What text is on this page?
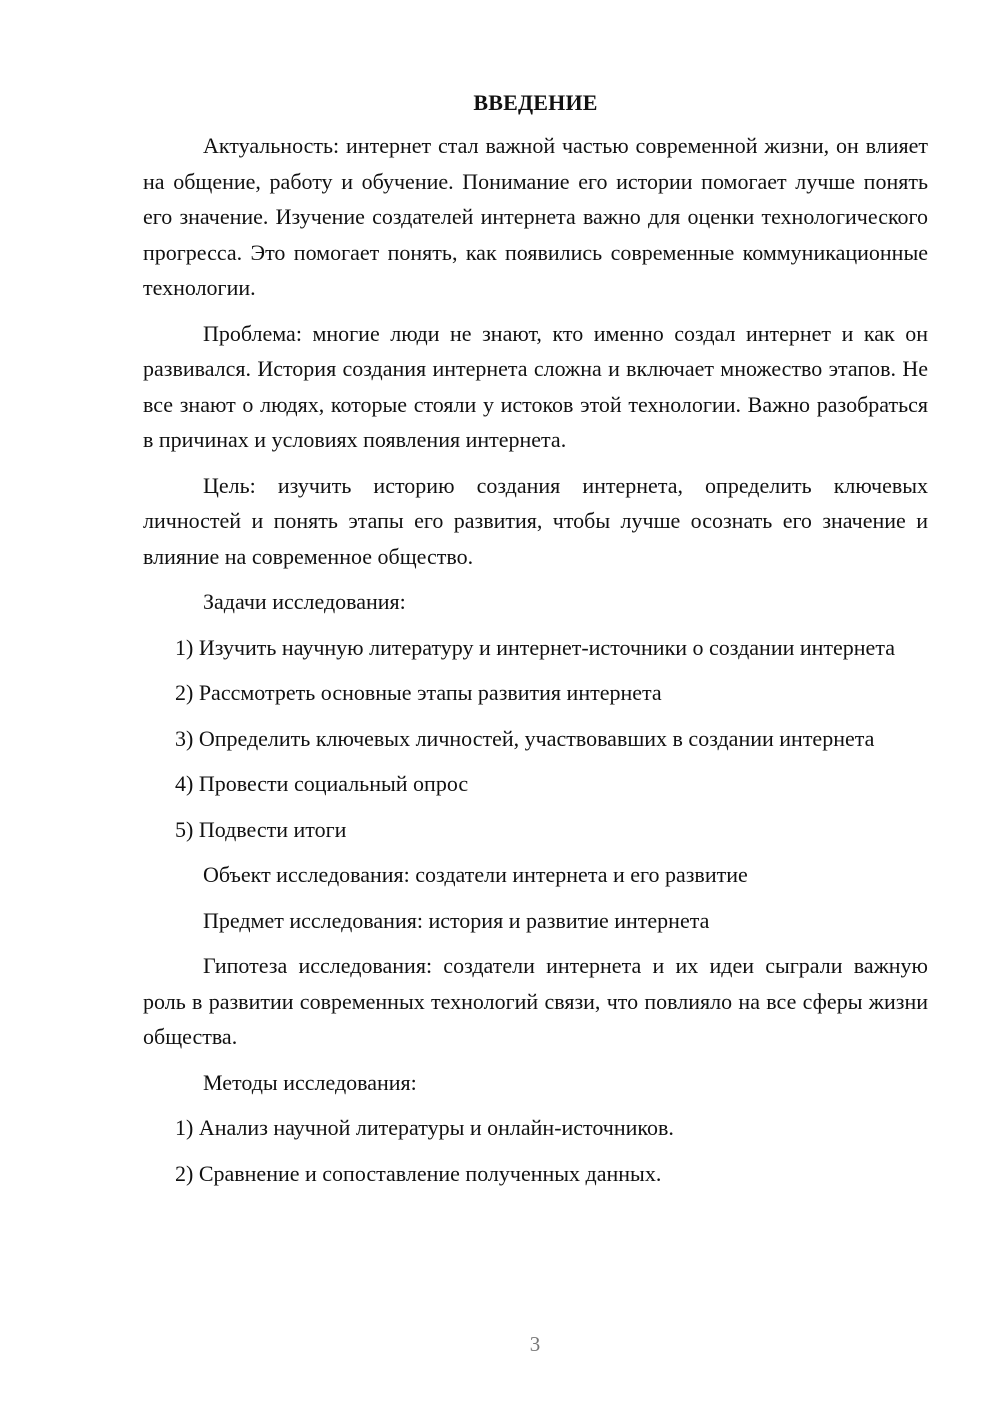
ВВЕДЕНИЕ

Актуальность: интернет стал важной частью современной жизни, он влияет на общение, работу и обучение. Понимание его истории помогает лучше понять его значение. Изучение создателей интернета важно для оценки технологического прогресса. Это помогает понять, как появились современные коммуникационные технологии.

Проблема: многие люди не знают, кто именно создал интернет и как он развивался. История создания интернета сложна и включает множество этапов. Не все знают о людях, которые стояли у истоков этой технологии. Важно разобраться в причинах и условиях появления интернета.

Цель: изучить историю создания интернета, определить ключевых личностей и понять этапы его развития, чтобы лучше осознать его значение и влияние на современное общество.

Задачи исследования:

1) Изучить научную литературу и интернет-источники о создании интернета

2) Рассмотреть основные этапы развития интернета

3) Определить ключевых личностей, участвовавших в создании интернета

4) Провести социальный опрос

5) Подвести итоги

Объект исследования: создатели интернета и его развитие

Предмет исследования: история и развитие интернета

Гипотеза исследования: создатели интернета и их идеи сыграли важную роль в развитии современных технологий связи, что повлияло на все сферы жизни общества.

Методы исследования:

1) Анализ научной литературы и онлайн-источников.

2) Сравнение и сопоставление полученных данных.

3
